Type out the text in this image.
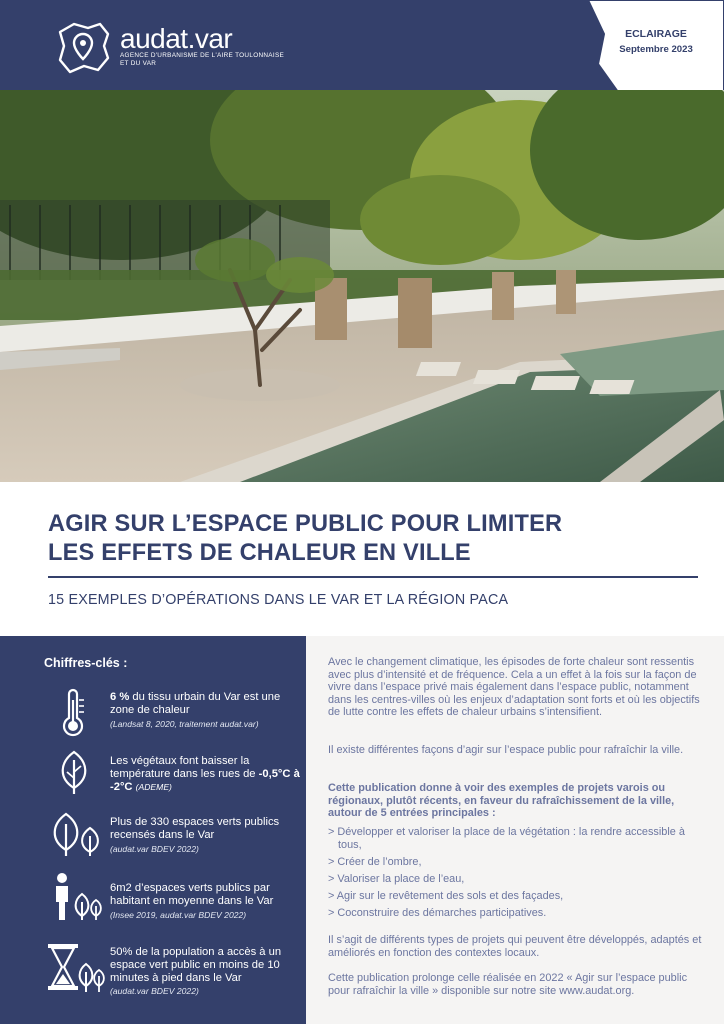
audat.var
AGENCE D'URBANISME DE L'AIRE TOULONNAISE ET DU VAR
ECLAIRAGE
Septembre 2023
AGIR SUR L’ESPACE PUBLIC POUR LIMITER
LES EFFETS DE CHALEUR EN VILLE
15 EXEMPLES D’OPÉRATIONS DANS LE VAR ET LA RÉGION PACA
Chiffres-clés :
6 % du tissu urbain du Var est une zone de chaleur
(Landsat 8, 2020, traitement audat.var)
Les végétaux font baisser la température dans les rues de -0,5°C à -2°C (ADEME)
Plus de 330 espaces verts publics recensés dans le Var
(audat.var BDEV 2022)
6m2 d’espaces verts publics par habitant en moyenne dans le Var
(Insee 2019, audat.var BDEV 2022)
50% de la population a accès à un espace vert public en moins de 10 minutes à pied dans le Var
(audat.var BDEV 2022)
Avec le changement climatique, les épisodes de forte chaleur sont ressentis avec plus d’intensité et de fréquence. Cela a un effet à la fois sur la façon de vivre dans l’espace privé mais également dans l’espace public, notamment dans les centres-villes où les enjeux d’adaptation sont forts et où les objectifs de lutte contre les effets de chaleur urbains s’intensifient.
Il existe différentes façons d’agir sur l’espace public pour rafraîchir la ville.
Cette publication donne à voir des exemples de projets varois ou régionaux, plutôt récents, en faveur du rafraîchissement de la ville, autour de 5 entrées principales :
> Développer et valoriser la place de la végétation : la rendre accessible à tous,
> Créer de l’ombre,
> Valoriser la place de l’eau,
> Agir sur le revêtement des sols et des façades,
> Coconstruire des démarches participatives.
Il s’agit de différents types de projets qui peuvent être développés, adaptés et améliorés en fonction des contextes locaux.
Cette publication prolonge celle réalisée en 2022 « Agir sur l’espace public pour rafraîchir la ville » disponible sur notre site www.audat.org.
